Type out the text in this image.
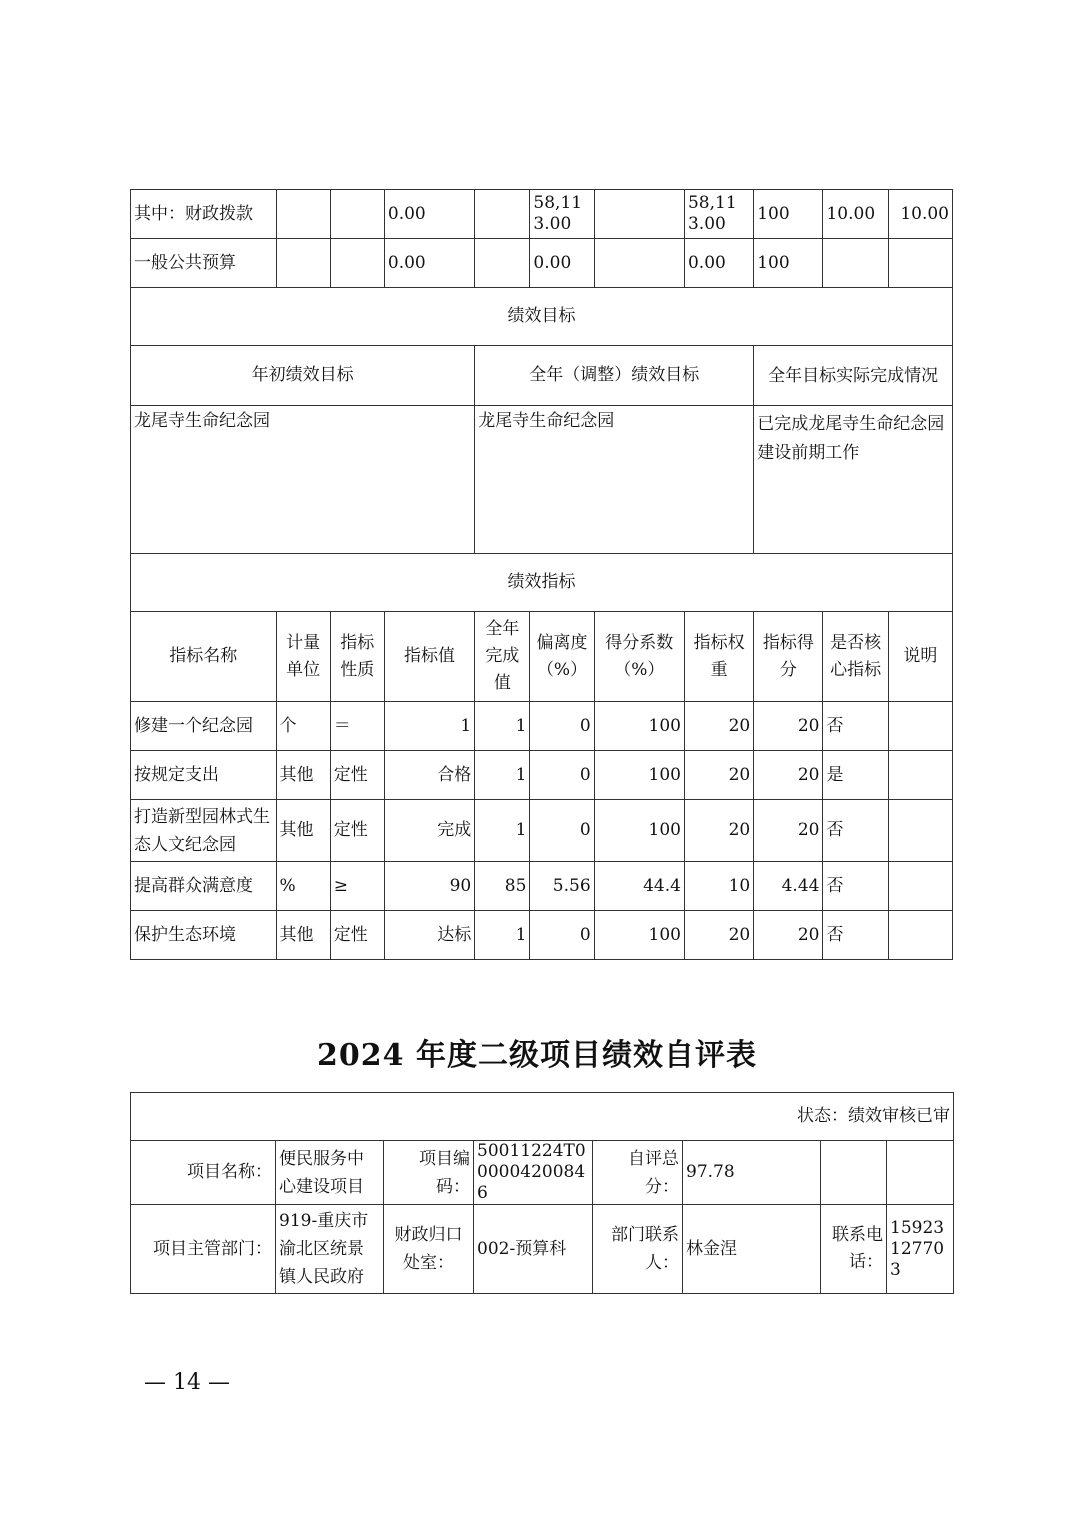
其中：财政拨款			0.00		58,113.00		58,113.00	100	10.00	10.00
一般公共预算			0.00		0.00		0.00	100		
绩效目标										
年初绩效目标				全年（调整）绩效目标				全年目标实际完成情况		
龙尾寺生命纪念园				龙尾寺生命纪念园				已完成龙尾寺生命纪念园建设前期工作		
绩效指标										
指标名称	计量单位	指标性质	指标值	全年完成值	偏离度（%）	得分系数（%）	指标权重	指标得分	是否核心指标	说明
修建一个纪念园	个	＝	1	1	0	100	20	20	否	
按规定支出	其他	定性	合格	1	0	100	20	20	是	
打造新型园林式生态人文纪念园	其他	定性	完成	1	0	100	20	20	否	
提高群众满意度	%	≥	90	85	5.56	44.4	10	4.44	否	
保护生态环境	其他	定性	达标	1	0	100	20	20	否	
2024 年度二级项目绩效自评表
状态：绩效审核已审							
项目名称：	便民服务中心建设项目	项目编码：	50011224T000004200846	自评总分：	97.78		
项目主管部门：	919-重庆市渝北区统景镇人民政府	财政归口处室：	002-预算科	部门联系人：	林金涅	联系电话：	15923127703
— 14 —
